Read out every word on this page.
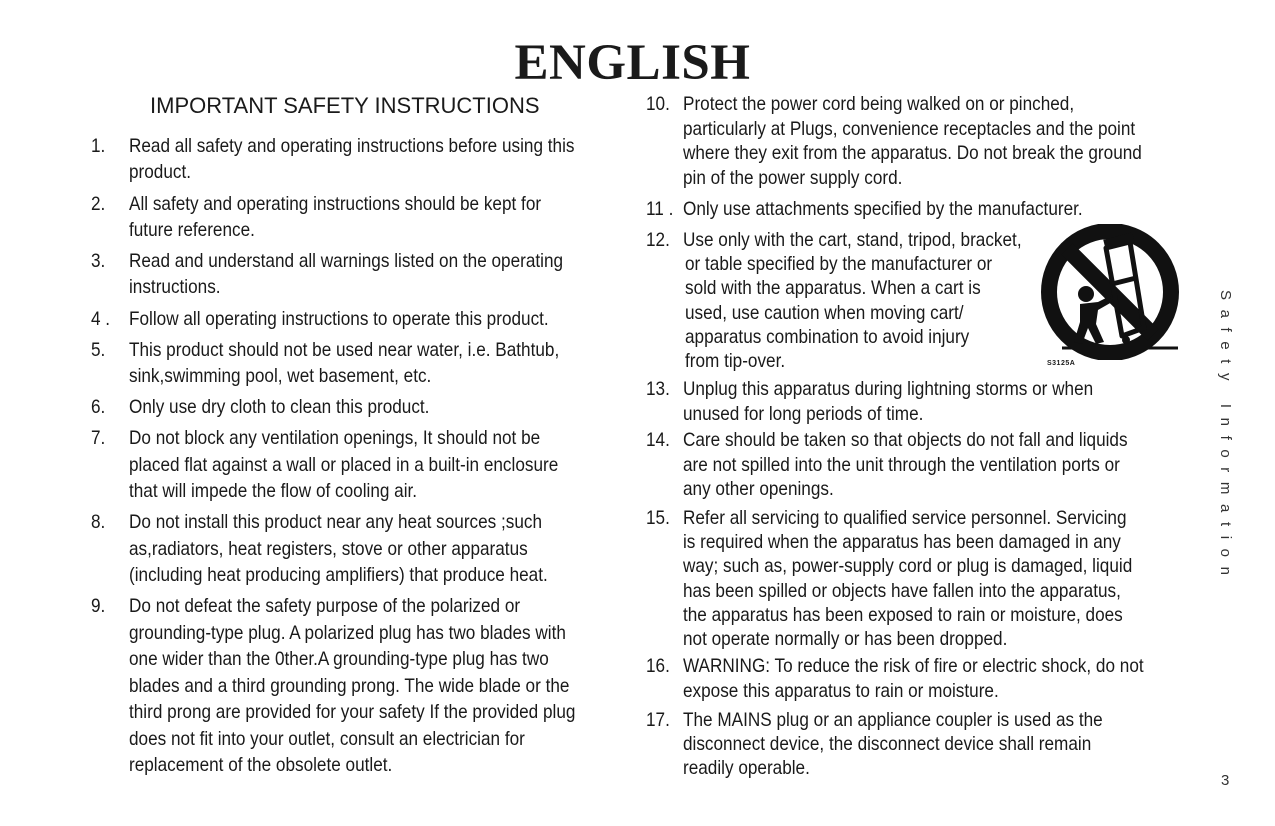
ENGLISH
IMPORTANT SAFETY INSTRUCTIONS
1. Read all safety and operating instructions before using this
product.
2. All safety and operating instructions should be kept for
future reference.
3. Read and understand all warnings listed on the operating
instructions.
4 . Follow all operating instructions to operate this product.
5. This product should not be used near water, i.e. Bathtub,
sink,swimming pool, wet basement, etc.
6. Only use dry cloth to clean this product.
7. Do not block any ventilation openings, It should not be
placed flat against a wall or placed in a built-in enclosure
that will impede the flow of cooling air.
8. Do not install this product near any heat sources ;such
as,radiators, heat registers, stove or other apparatus
(including heat producing amplifiers) that produce heat.
9. Do not defeat the safety purpose of the polarized or
grounding-type plug. A polarized plug has two blades with
one wider than the 0ther.A grounding-type plug has two
blades and a third grounding prong. The wide blade or the
third prong are provided for your safety If the provided plug
does not fit into your outlet, consult an electrician for
replacement of the obsolete outlet.
10. Protect the power cord being walked on or pinched,
particularly at Plugs, convenience receptacles and the point
where they exit from the apparatus. Do not break the ground
pin of the power supply cord.
11 . Only use attachments specified by the manufacturer.
12. Use only with the cart, stand, tripod, bracket,
or table specified by the manufacturer or
sold with the apparatus. When a cart is
used, use caution when moving cart/
apparatus combination to avoid injury
from tip-over.
13. Unplug this apparatus during lightning storms or when
unused for long periods of time.
14. Care should be taken so that objects do not fall and liquids
are not spilled into the unit through the ventilation ports or
any other openings.
15. Refer all servicing to qualified service personnel. Servicing
is required when the apparatus has been damaged in any
way; such as, power-supply cord or plug is damaged, liquid
has been spilled or objects have fallen into the apparatus,
the apparatus has been exposed to rain or moisture, does
not operate normally or has been dropped.
16. WARNING: To reduce the risk of fire or electric shock, do not
expose this apparatus to rain or moisture.
17. The MAINS plug or an appliance coupler is used as the
disconnect device, the disconnect device shall remain
readily operable.
S3125A	Safety Information
3
